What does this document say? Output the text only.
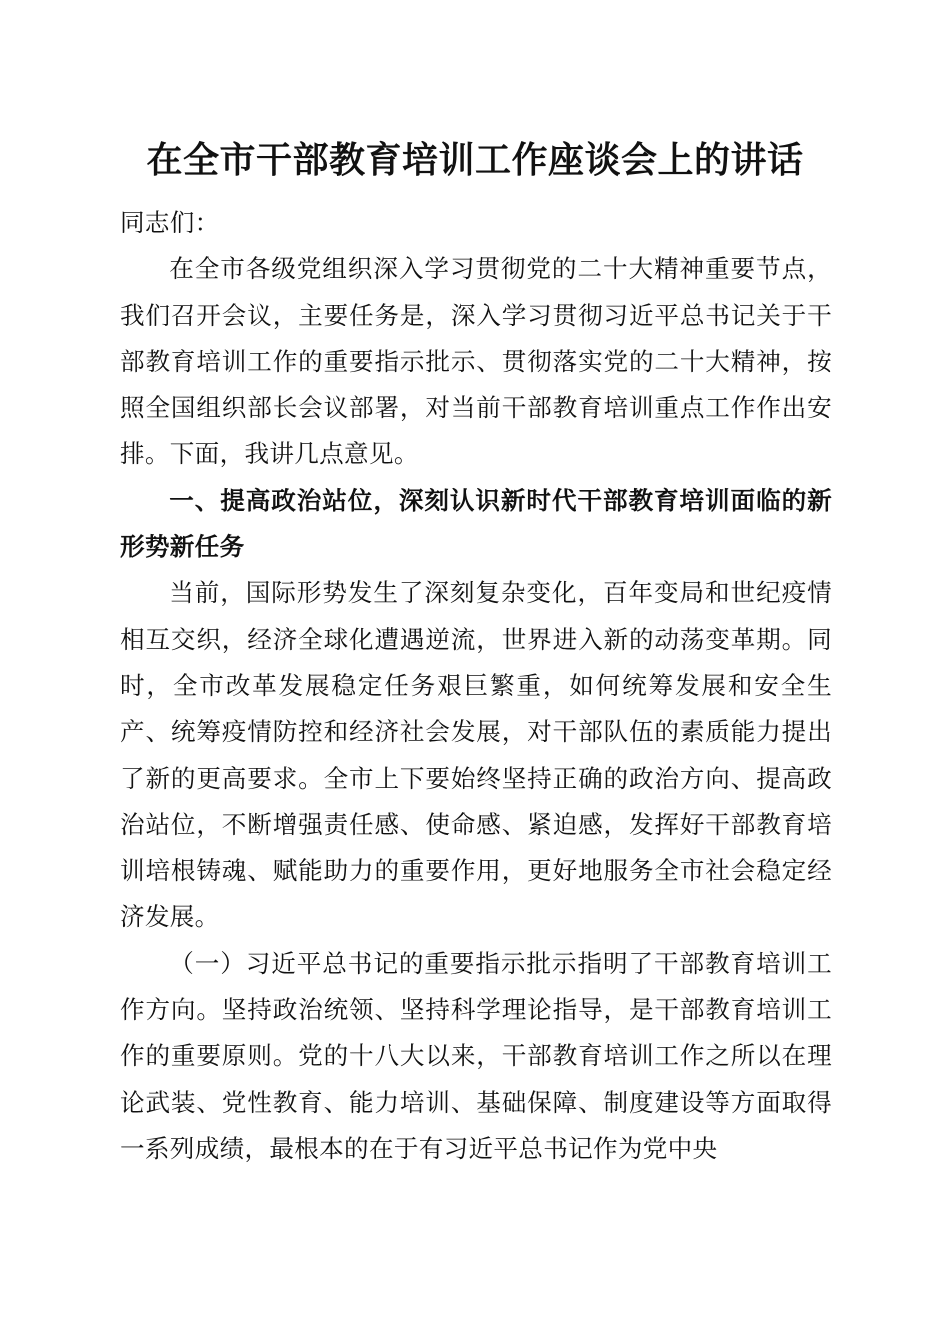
在全市干部教育培训工作座谈会上的讲话

同志们：

在全市各级党组织深入学习贯彻党的二十大精神重要节点，我们召开会议，主要任务是，深入学习贯彻习近平总书记关于干部教育培训工作的重要指示批示、贯彻落实党的二十大精神，按照全国组织部长会议部署，对当前干部教育培训重点工作作出安排。下面，我讲几点意见。

一、提高政治站位，深刻认识新时代干部教育培训面临的新形势新任务

当前，国际形势发生了深刻复杂变化，百年变局和世纪疫情相互交织，经济全球化遭遇逆流，世界进入新的动荡变革期。同时，全市改革发展稳定任务艰巨繁重，如何统筹发展和安全生产、统筹疫情防控和经济社会发展，对干部队伍的素质能力提出了新的更高要求。全市上下要始终坚持正确的政治方向、提高政治站位，不断增强责任感、使命感、紧迫感，发挥好干部教育培训培根铸魂、赋能助力的重要作用，更好地服务全市社会稳定经济发展。

（一）习近平总书记的重要指示批示指明了干部教育培训工作方向。坚持政治统领、坚持科学理论指导，是干部教育培训工作的重要原则。党的十八大以来，干部教育培训工作之所以在理论武装、党性教育、能力培训、基础保障、制度建设等方面取得一系列成绩，最根本的在于有习近平总书记作为党中央
